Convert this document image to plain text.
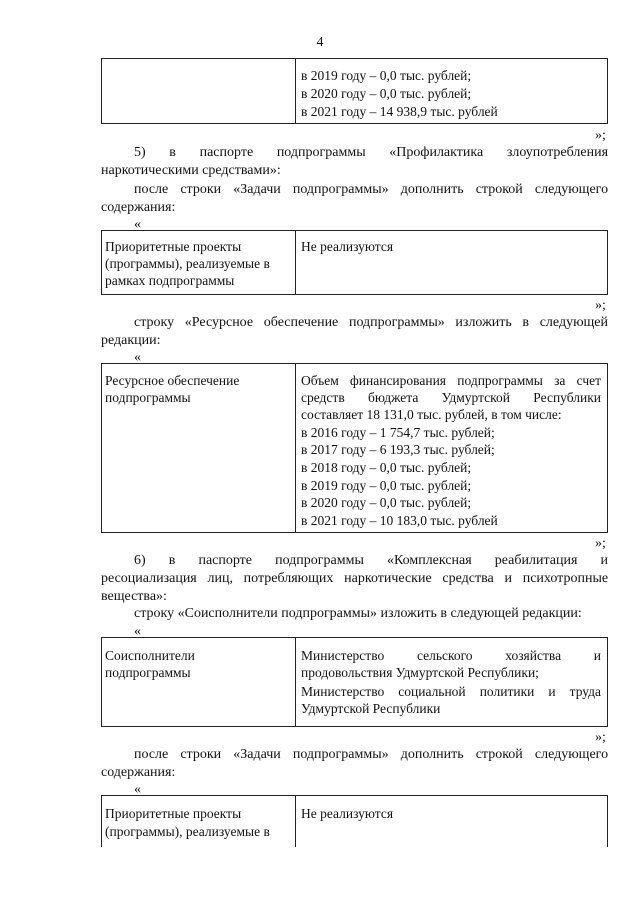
4
в 2019 году – 0,0 тыс. рублей;
в 2020 году – 0,0 тыс. рублей;
в 2021 году – 14 938,9 тыс. рублей
»;
5) в паспорте подпрограммы «Профилактика злоупотребления
наркотическими средствами»:
после строки «Задачи подпрограммы» дополнить строкой следующего
содержания:
«
Приоритетные проекты
(программы), реализуемые в
рамках подпрограммы
Не реализуются
»;
строку «Ресурсное обеспечение подпрограммы» изложить в следующей
редакции:
«
Ресурсное обеспечение
подпрограммы
Объем финансирования подпрограммы за счет
средств бюджета Удмуртской Республики
составляет 18 131,0 тыс. рублей, в том числе:
в 2016 году – 1 754,7 тыс. рублей;
в 2017 году – 6 193,3 тыс. рублей;
в 2018 году – 0,0 тыс. рублей;
в 2019 году – 0,0 тыс. рублей;
в 2020 году – 0,0 тыс. рублей;
в 2021 году – 10 183,0 тыс. рублей
»;
6) в паспорте подпрограммы «Комплексная реабилитация и
ресоциализация лиц, потребляющих наркотические средства и психотропные
вещества»:
строку «Соисполнители подпрограммы» изложить в следующей редакции:
«
Соисполнители
подпрограммы
Министерство сельского хозяйства и
продовольствия Удмуртской Республики;
Министерство социальной политики и труда
Удмуртской Республики
»;
после строки «Задачи подпрограммы» дополнить строкой следующего
содержания:
«
Приоритетные проекты
(программы), реализуемые в
Не реализуются
